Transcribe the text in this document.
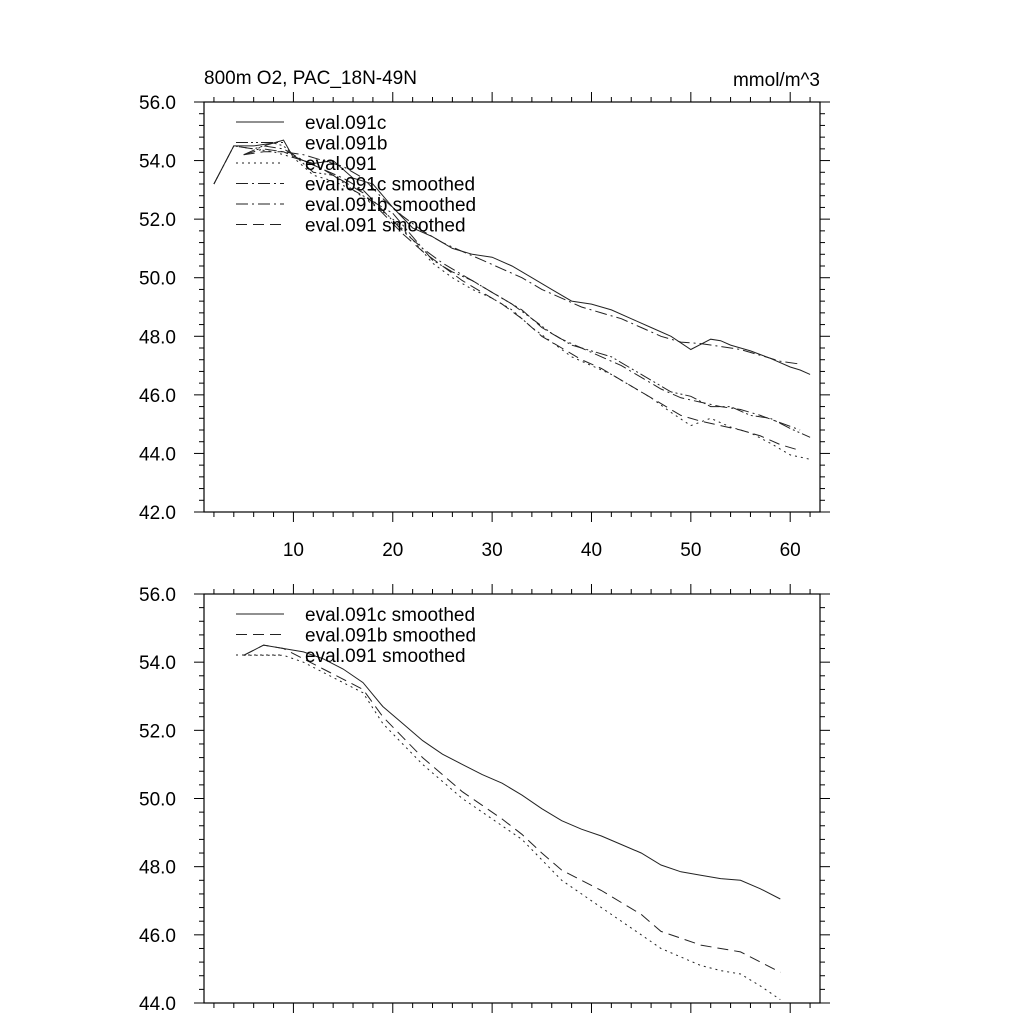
800m O2, PAC_18N-49N	mmol/m^3
42.0
44.0
46.0
48.0
50.0
52.0
54.0
56.0
10	20	30	40	50	60
eval.091c
eval.091b
eval.091
eval.091c smoothed
eval.091b smoothed
eval.091 smoothed
44.0
46.0
48.0
50.0
52.0
54.0
56.0
eval.091c smoothed
eval.091b smoothed
eval.091 smoothed
